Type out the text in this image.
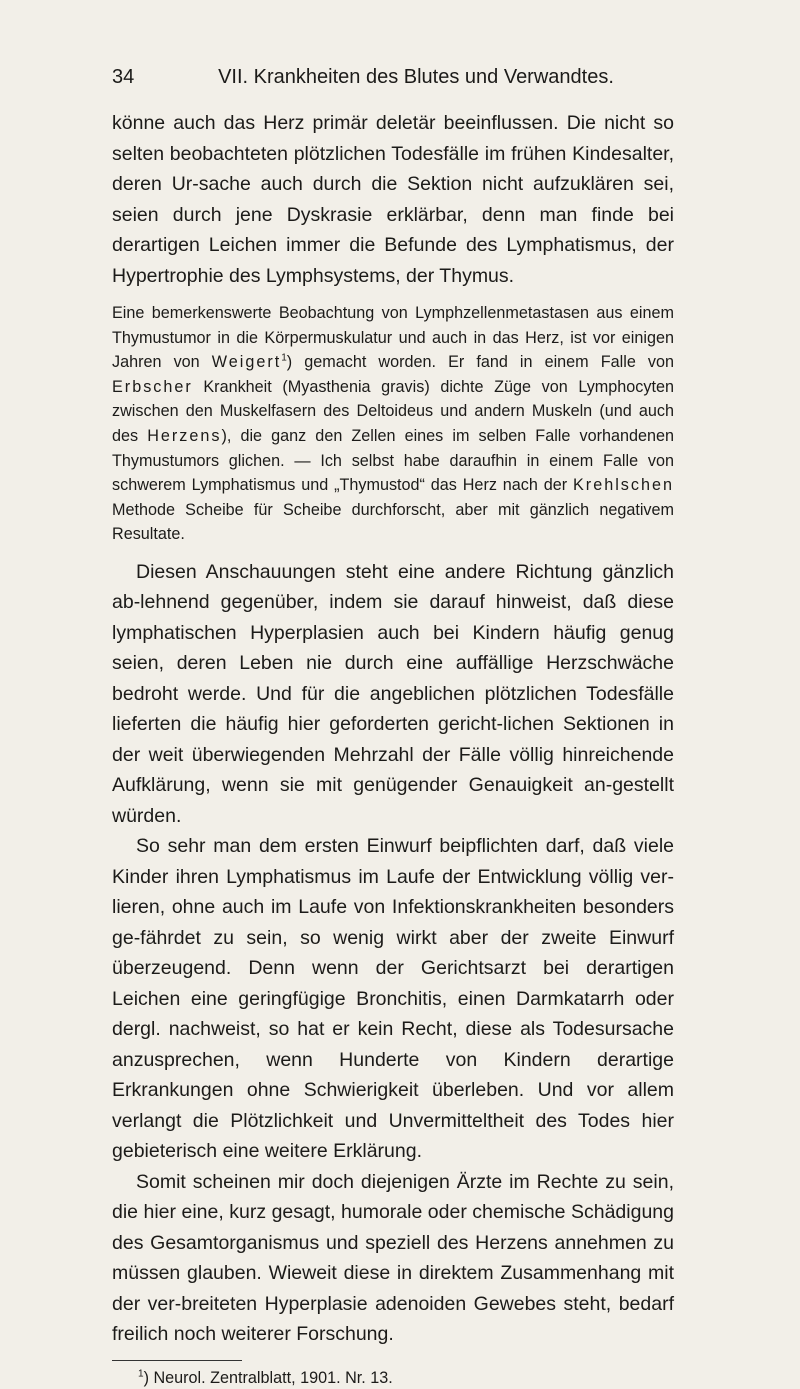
34	VII. Krankheiten des Blutes und Verwandtes.

könne auch das Herz primär deletär beeinflussen. Die nicht so selten beobachteten plötzlichen Todesfälle im frühen Kindesalter, deren Ur-sache auch durch die Sektion nicht aufzuklären sei, seien durch jene Dyskrasie erklärbar, denn man finde bei derartigen Leichen immer die Befunde des Lymphatismus, der Hypertrophie des Lymphsystems, der Thymus.

Eine bemerkenswerte Beobachtung von Lymphzellenmetastasen aus einem Thymustumor in die Körpermuskulatur und auch in das Herz, ist vor einigen Jahren von Weigert$^1$) gemacht worden. Er fand in einem Falle von Erbscher Krankheit (Myasthenia gravis) dichte Züge von Lymphocyten zwischen den Muskelfasern des Deltoideus und andern Muskeln (und auch des Herzens), die ganz den Zellen eines im selben Falle vorhandenen Thymustumors glichen. — Ich selbst habe daraufhin in einem Falle von schwerem Lymphatismus und „Thymustod“ das Herz nach der Krehlschen Methode Scheibe für Scheibe durchforscht, aber mit gänzlich negativem Resultate.

Diesen Anschauungen steht eine andere Richtung gänzlich ab-lehnend gegenüber, indem sie darauf hinweist, daß diese lymphatischen Hyperplasien auch bei Kindern häufig genug seien, deren Leben nie durch eine auffällige Herzschwäche bedroht werde. Und für die angeblichen plötzlichen Todesfälle lieferten die häufig hier geforderten gericht-lichen Sektionen in der weit überwiegenden Mehrzahl der Fälle völlig hinreichende Aufklärung, wenn sie mit genügender Genauigkeit an-gestellt würden.

So sehr man dem ersten Einwurf beipflichten darf, daß viele Kinder ihren Lymphatismus im Laufe der Entwicklung völlig ver-lieren, ohne auch im Laufe von Infektionskrankheiten besonders ge-fährdet zu sein, so wenig wirkt aber der zweite Einwurf überzeugend. Denn wenn der Gerichtsarzt bei derartigen Leichen eine geringfügige Bronchitis, einen Darmkatarrh oder dergl. nachweist, so hat er kein Recht, diese als Todesursache anzusprechen, wenn Hunderte von Kindern derartige Erkrankungen ohne Schwierigkeit überleben. Und vor allem verlangt die Plötzlichkeit und Unvermitteltheit des Todes hier gebieterisch eine weitere Erklärung.

Somit scheinen mir doch diejenigen Ärzte im Rechte zu sein, die hier eine, kurz gesagt, humorale oder chemische Schädigung des Gesamtorganismus und speziell des Herzens annehmen zu müssen glauben. Wieweit diese in direktem Zusammenhang mit der ver-breiteten Hyperplasie adenoiden Gewebes steht, bedarf freilich noch weiterer Forschung.

$^1$) Neurol. Zentralblatt, 1901. Nr. 13.
